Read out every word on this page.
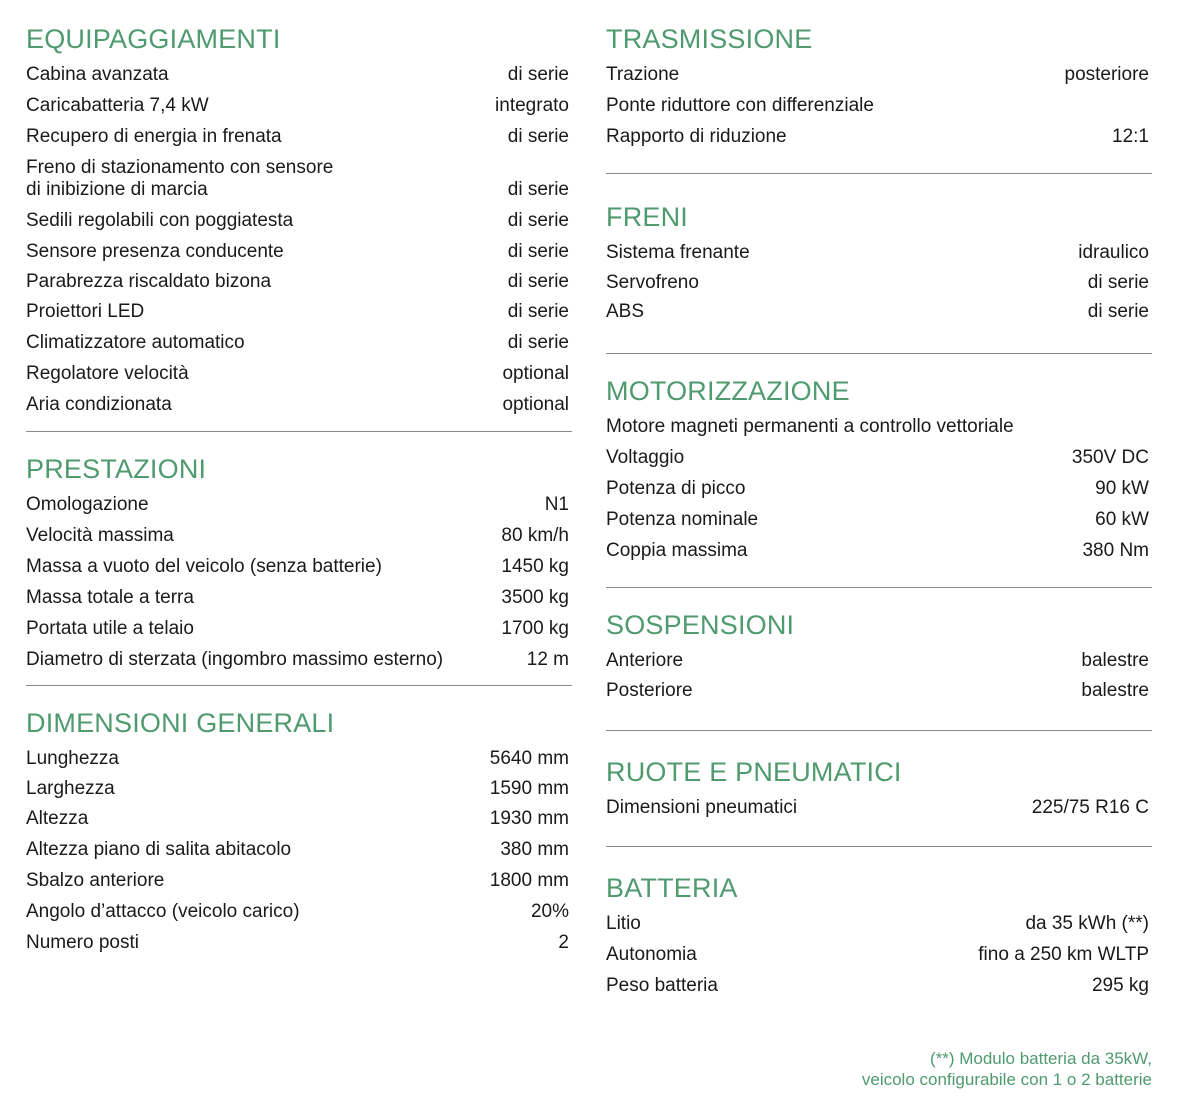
EQUIPAGGIAMENTI
Cabina avanzata	di serie
Caricabatteria 7,4 kW	integrato
Recupero di energia in frenata	di serie
Freno di stazionamento con sensore
di inibizione di marcia	di serie
Sedili regolabili con poggiatesta	di serie
Sensore presenza conducente	di serie
Parabrezza riscaldato bizona	di serie
Proiettori LED	di serie
Climatizzatore automatico	di serie
Regolatore velocità	optional
Aria condizionata	optional
PRESTAZIONI
Omologazione	N1
Velocità massima	80 km/h
Massa a vuoto del veicolo (senza batterie)	1450 kg
Massa totale a terra	3500 kg
Portata utile a telaio	1700 kg
Diametro di sterzata (ingombro massimo esterno)	12 m
DIMENSIONI GENERALI
Lunghezza	5640 mm
Larghezza	1590 mm
Altezza	1930 mm
Altezza piano di salita abitacolo	380 mm
Sbalzo anteriore	1800 mm
Angolo d’attacco (veicolo carico)	20%
Numero posti	2
TRASMISSIONE
Trazione	posteriore
Ponte riduttore con differenziale
Rapporto di riduzione	12:1
FRENI
Sistema frenante	idraulico
Servofreno	di serie
ABS	di serie
MOTORIZZAZIONE
Motore magneti permanenti a controllo vettoriale
Voltaggio	350V DC
Potenza di picco	90 kW
Potenza nominale	60 kW
Coppia massima	380 Nm
SOSPENSIONI
Anteriore	balestre
Posteriore	balestre
RUOTE E PNEUMATICI
Dimensioni pneumatici	225/75 R16 C
BATTERIA
Litio	da 35 kWh (**)
Autonomia	fino a 250 km WLTP
Peso batteria	295 kg
(**) Modulo batteria da 35kW,
veicolo configurabile con 1 o 2 batterie
